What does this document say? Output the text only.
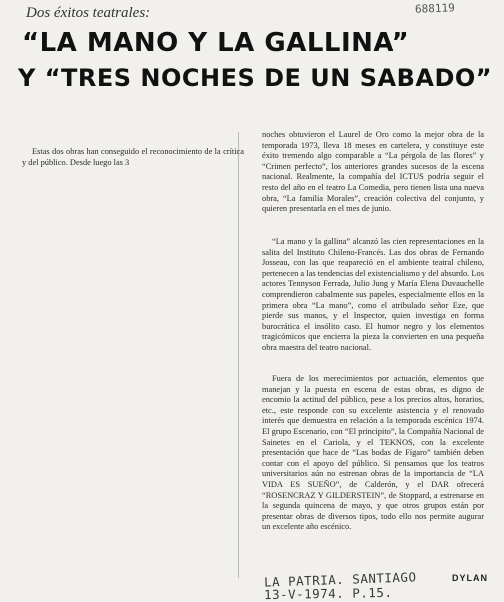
Dos éxitos teatrales:	688119
“LA MANO Y LA GALLINA”
Y “TRES NOCHES DE UN SABADO”

Estas dos obras han conseguido el reconocimiento de la crítica y del público. Desde luego las 3

noches obtuvieron el Laurel de Oro como la mejor obra de la temporada 1973, lleva 18 meses en cartelera, y constituye este éxito tremendo algo comparable a “La pérgola de las flores” y “Crimen perfecto”, los anteriores grandes sucesos de la escena nacional. Realmente, la compañía del ICTUS podría seguir el resto del año en el teatro La Comedia, pero tienen lista una nueva obra, “La familia Morales”, creación colectiva del conjunto, y quieren presentarla en el mes de junio.

“La mano y la gallina” alcanzó las cien representaciones en la salita del Instituto Chileno-Francés. Las dos obras de Fernando Josseau, con las que reapareció en el ambiente teatral chileno, pertenecen a las tendencias del existencialismo y del absurdo. Los actores Tennyson Ferrada, Julio Jung y María Elena Duvauchelle comprendieron cabalmente sus papeles, especialmente ellos en la primera obra “La mano”, como el atribulado señor Eze, que pierde sus manos, y el Inspector, quien investiga en forma burocrática el insólito caso. El humor negro y los elementos tragicómicos que encierra la pieza la convierten en una pequeña obra maestra del teatro nacional.

Fuera de los merecimientos por actuación, elementos que manejan y la puesta en escena de estas obras, es digno de encomio la actitud del público, pese a los precios altos, horarios, etc., este responde con su excelente asistencia y el renovado interés que demuestra en relación a la temporada escénica 1974. El grupo Escenario, con “El principito”, la Compañía Nacional de Sainetes en el Cariola, y el TEKNOS, con la excelente presentación que hace de “Las bodas de Fígaro” también deben contar con el apoyo del público. Si pensamos que los teatros universitarios aún no estrenan obras de la importancia de “LA VIDA ES SUEÑO”, de Calderón, y el DAR ofrecerá “ROSENCRAZ Y GILDERSTEIN”, de Stoppard, a estrenarse en la segunda quincena de mayo, y que otros grupos están por presentar obras de diversos tipos, todo ello nos permite augurar un excelente año escénico.

LA PATRIA. SANTIAGO
13-V-1974. P.15.
DYLAN
